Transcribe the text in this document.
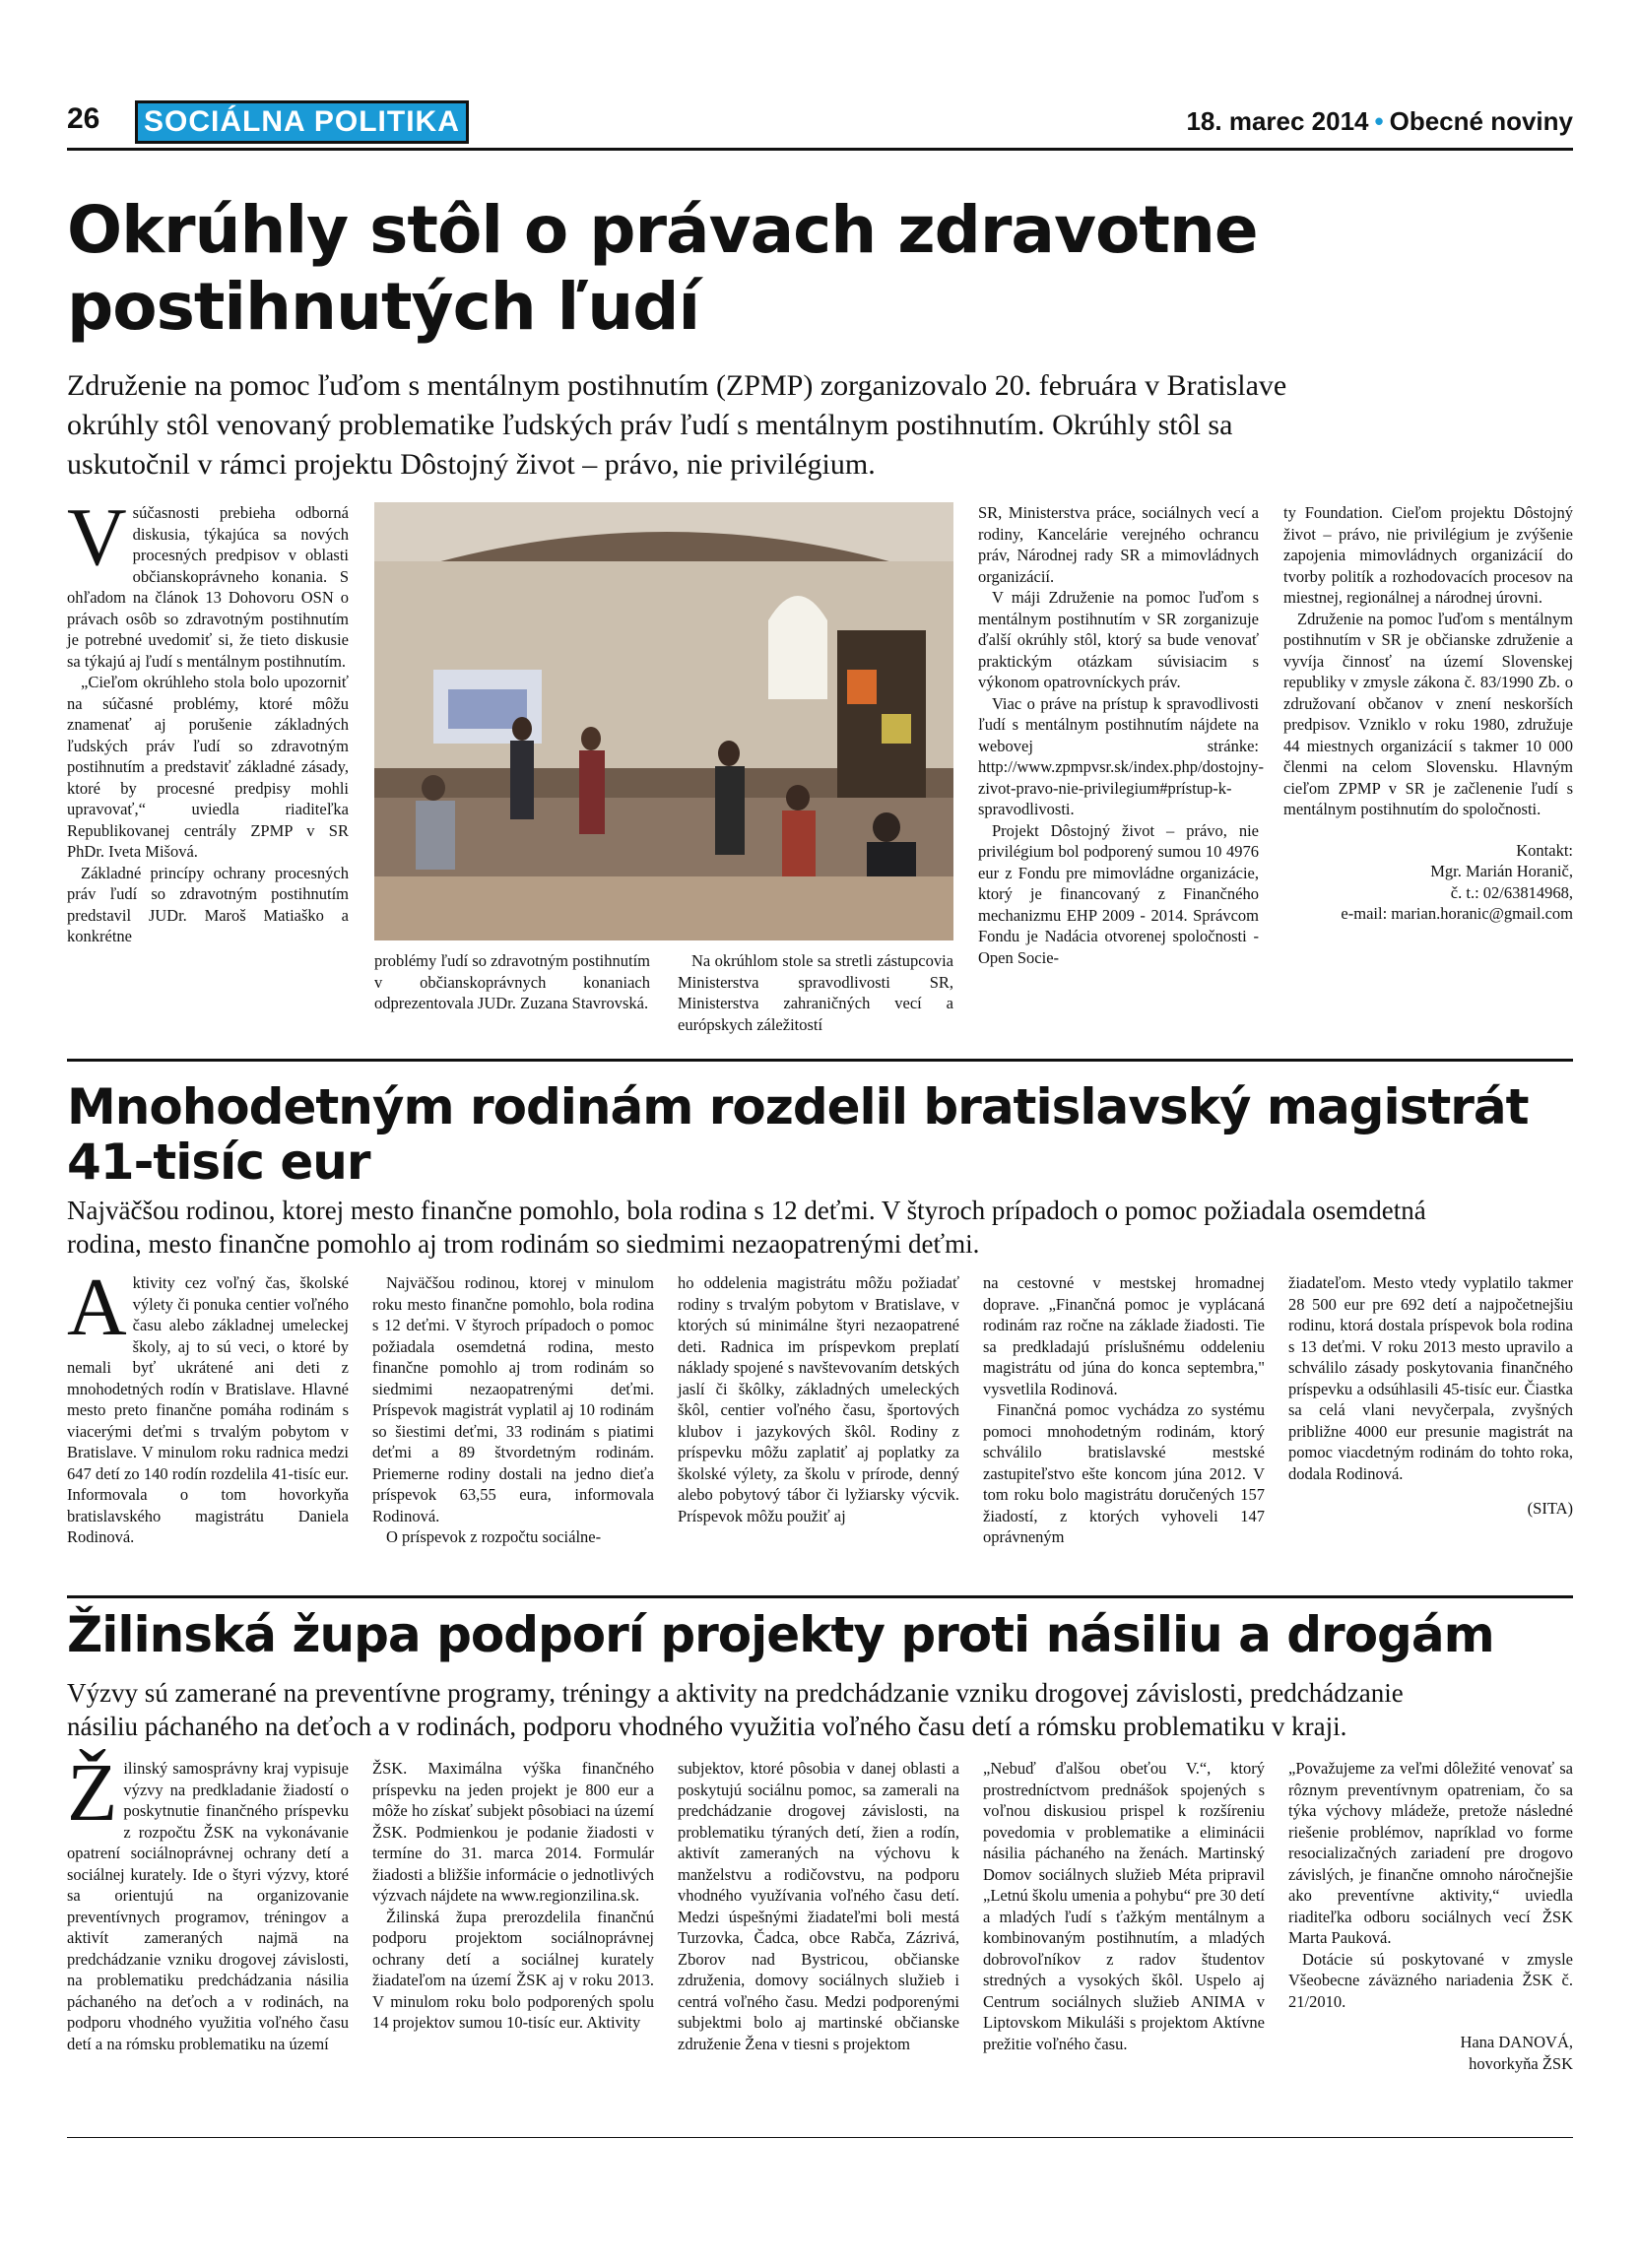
26	SOCIÁLNA POLITIKA	18. marec 2014 • Obecné noviny
Okrúhly stôl o právach zdravotne
postihnutých ľudí
Združenie na pomoc ľuďom s mentálnym postihnutím (ZPMP) zorganizovalo 20. februára v Bratislave
okrúhly stôl venovaný problematike ľudských práv ľudí s mentálnym postihnutím. Okrúhly stôl sa
uskutočnil v rámci projektu Dôstojný život – právo, nie privilégium.

Vsúčasnosti prebieha odborná diskusia, týkajúca sa nových procesných predpisov v oblasti občianskoprávneho konania. S ohľadom na článok 13 Dohovoru OSN o právach osôb so zdravotným postihnutím je potrebné uvedomiť si, že tieto diskusie sa týkajú aj ľudí s mentálnym postihnutím.

„Cieľom okrúhleho stola bolo upozorniť na súčasné problémy, ktoré môžu znamenať aj porušenie základných ľudských práv ľudí so zdravotným postihnutím a predstaviť základné zásady, ktoré by procesné predpisy mohli upravovať,“ uviedla riaditeľka Republikovanej centrály ZPMP v SR PhDr. Iveta Mišová.

Základné princípy ochrany procesných práv ľudí so zdravotným postihnutím predstavil JUDr. Maroš Matiaško a konkrétne

problémy ľudí so zdravotným postihnutím v občianskoprávnych konaniach odprezentovala JUDr. Zuzana Stavrovská.
Na okrúhlom stole sa stretli zástupcovia Ministerstva spravodlivosti SR, Ministerstva zahraničných vecí a európskych záležitostí

SR, Ministerstva práce, sociálnych vecí a rodiny, Kancelárie verejného ochrancu práv, Národnej rady SR a mimovládnych organizácií.

V máji Združenie na pomoc ľuďom s mentálnym postihnutím v SR zorganizuje ďalší okrúhly stôl, ktorý sa bude venovať praktickým otázkam súvisiacim s výkonom opatrovníckych práv.

Viac o práve na prístup k spravodlivosti ľudí s mentálnym postihnutím nájdete na webovej stránke: http://www.zpmpvsr.sk/index.php/dostojny-zivot-pravo-nie-privilegium#prístup-k-spravodlivosti.

Projekt Dôstojný život – právo, nie privilégium bol podporený sumou 10 4976 eur z Fondu pre mimovládne organizácie, ktorý je financovaný z Finančného mechanizmu EHP 2009 - 2014. Správcom Fondu je Nadácia otvorenej spoločnosti - Open Socie-

ty Foundation. Cieľom projektu Dôstojný život – právo, nie privilégium je zvýšenie zapojenia mimovládnych organizácií do tvorby politík a rozhodovacích procesov na miestnej, regionálnej a národnej úrovni.

Združenie na pomoc ľuďom s mentálnym postihnutím v SR je občianske združenie a vyvíja činnosť na území Slovenskej republiky v zmysle zákona č. 83/1990 Zb. o združovaní občanov v znení neskorších predpisov. Vzniklo v roku 1980, združuje 44 miestnych organizácií s takmer 10 000 členmi na celom Slovensku. Hlavným cieľom ZPMP v SR je začlenenie ľudí s mentálnym postihnutím do spoločnosti.

Kontakt:

Mgr. Marián Horanič,

č. t.: 02/63814968,

e-mail: marian.horanic@gmail.com

Mnohodetným rodinám rozdelil bratislavský magistrát
41-tisíc eur
Najväčšou rodinou, ktorej mesto finančne pomohlo, bola rodina s 12 deťmi. V štyroch prípadoch o pomoc požiadala osemdetná
rodina, mesto finančne pomohlo aj trom rodinám so siedmimi nezaopatrenými deťmi.

Aktivity cez voľný čas, školské výlety či ponuka centier voľného času alebo základnej umeleckej školy, aj to sú veci, o ktoré by nemali byť ukrátené ani deti z mnohodetných rodín v Bratislave. Hlavné mesto preto finančne pomáha rodinám s viacerými deťmi s trvalým pobytom v Bratislave. V minulom roku radnica medzi 647 detí zo 140 rodín rozdelila 41-tisíc eur. Informovala o tom hovorkyňa bratislavského magistrátu Daniela Rodinová.

Najväčšou rodinou, ktorej v minulom roku mesto finančne pomohlo, bola rodina s 12 deťmi. V štyroch prípadoch o pomoc požiadala osemdetná rodina, mesto finančne pomohlo aj trom rodinám so siedmimi nezaopatrenými deťmi. Príspevok magistrát vyplatil aj 10 rodinám so šiestimi deťmi, 33 rodinám s piatimi deťmi a 89 štvordetným rodinám. Priemerne rodiny dostali na jedno dieťa príspevok 63,55 eura, informovala Rodinová.

O príspevok z rozpočtu sociálne-

ho oddelenia magistrátu môžu požiadať rodiny s trvalým pobytom v Bratislave, v ktorých sú minimálne štyri nezaopatrené deti. Radnica im príspevkom preplatí náklady spojené s navštevovaním detských jaslí či škôlky, základných umeleckých škôl, centier voľného času, športových klubov i jazykových škôl. Rodiny z príspevku môžu zaplatiť aj poplatky za školské výlety, za školu v prírode, denný alebo pobytový tábor či lyžiarsky výcvik. Príspevok môžu použiť aj

na cestovné v mestskej hromadnej doprave. „Finančná pomoc je vyplácaná rodinám raz ročne na základe žiadosti. Tie sa predkladajú príslušnému oddeleniu magistrátu od júna do konca septembra," vysvetlila Rodinová.

Finančná pomoc vychádza zo systému pomoci mnohodetným rodinám, ktorý schválilo bratislavské mestské zastupiteľstvo ešte koncom júna 2012. V tom roku bolo magistrátu doručených 157 žiadostí, z ktorých vyhoveli 147 oprávneným

žiadateľom. Mesto vtedy vyplatilo takmer 28 500 eur pre 692 detí a najpočetnejšiu rodinu, ktorá dostala príspevok bola rodina s 13 deťmi. V roku 2013 mesto upravilo a schválilo zásady poskytovania finančného príspevku a odsúhlasili 45-tisíc eur. Čiastka sa celá vlani nevyčerpala, zvyšných približne 4000 eur presunie magistrát na pomoc viacdetným rodinám do tohto roka, dodala Rodinová.

(SITA)

Žilinská župa podporí projekty proti násiliu a drogám
Výzvy sú zamerané na preventívne programy, tréningy a aktivity na predchádzanie vzniku drogovej závislosti, predchádzanie
násiliu páchaného na deťoch a v rodinách, podporu vhodného využitia voľného času detí a rómsku problematiku v kraji.

Žilinský samosprávny kraj vypisuje výzvy na predkladanie žiadostí o poskytnutie finančného príspevku z rozpočtu ŽSK na vykonávanie opatrení sociálnoprávnej ochrany detí a sociálnej kurately. Ide o štyri výzvy, ktoré sa orientujú na organizovanie preventívnych programov, tréningov a aktivít zameraných najmä na predchádzanie vzniku drogovej závislosti, na problematiku predchádzania násilia páchaného na deťoch a v rodinách, na podporu vhodného využitia voľného času detí a na rómsku problematiku na území

ŽSK. Maximálna výška finančného príspevku na jeden projekt je 800 eur a môže ho získať subjekt pôsobiaci na území ŽSK. Podmienkou je podanie žiadosti v termíne do 31. marca 2014. Formulár žiadosti a bližšie informácie o jednotlivých výzvach nájdete na www.regionzilina.sk.

Žilinská župa prerozdelila finančnú podporu projektom sociálnoprávnej ochrany detí a sociálnej kurately žiadateľom na území ŽSK aj v roku 2013. V minulom roku bolo podporených spolu 14 projektov sumou 10-tisíc eur. Aktivity

subjektov, ktoré pôsobia v danej oblasti a poskytujú sociálnu pomoc, sa zamerali na predchádzanie drogovej závislosti, na problematiku týraných detí, žien a rodín, aktivít zameraných na výchovu k manželstvu a rodičovstvu, na podporu vhodného využívania voľného času detí. Medzi úspešnými žiadateľmi boli mestá Turzovka, Čadca, obce Rabča, Zázrivá, Zborov nad Bystricou, občianske združenia, domovy sociálnych služieb i centrá voľného času. Medzi podporenými subjektmi bolo aj martinské občianske združenie Žena v tiesni s projektom

„Nebuď ďalšou obeťou V.“, ktorý prostredníctvom prednášok spojených s voľnou diskusiou prispel k rozšíreniu povedomia v problematike a eliminácii násilia páchaného na ženách. Martinský Domov sociálnych služieb Méta pripravil „Letnú školu umenia a pohybu“ pre 30 detí a mladých ľudí s ťažkým mentálnym a kombinovaným postihnutím, a mladých dobrovoľníkov z radov študentov stredných a vysokých škôl. Uspelo aj Centrum sociálnych služieb ANIMA v Liptovskom Mikuláši s projektom Aktívne prežitie voľného času.

„Považujeme za veľmi dôležité venovať sa rôznym preventívnym opatreniam, čo sa týka výchovy mládeže, pretože následné riešenie problémov, napríklad vo forme resocializačných zariadení pre drogovo závislých, je finančne omnoho náročnejšie ako preventívne aktivity,“ uviedla riaditeľka odboru sociálnych vecí ŽSK Marta Pauková.

Dotácie sú poskytované v zmysle Všeobecne záväzného nariadenia ŽSK č. 21/2010.

Hana DANOVÁ,

hovorkyňa ŽSK
